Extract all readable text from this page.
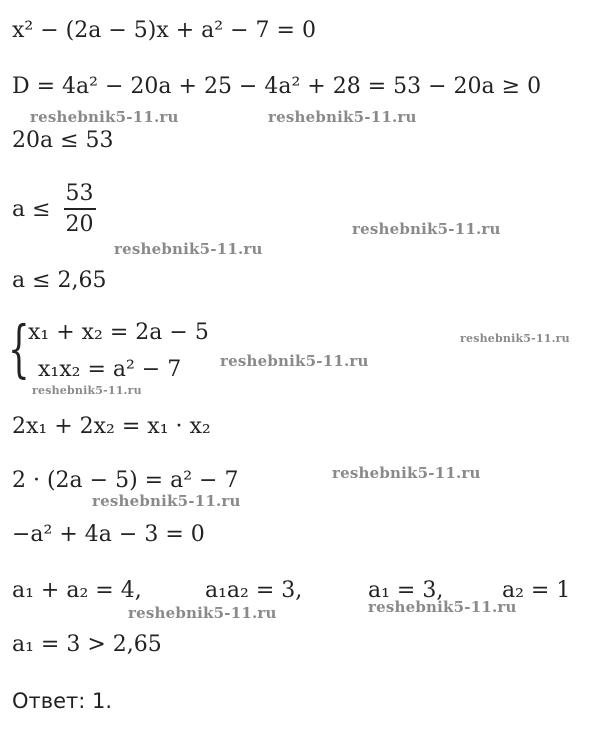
x² − (2a − 5)x + a² − 7 = 0
D = 4a² − 20a + 25 − 4a² + 28 = 53 − 20a ≥ 0
20a ≤ 53
$a \le \frac{53}{20}$
a ≤ 2,65
{
x₁ + x₂ = 2a − 5
x₁x₂ = a² − 7
2x₁ + 2x₂ = x₁ · x₂
2 · (2a − 5) = a² − 7
−a² + 4a − 3 = 0
a₁ + a₂ = 4,	a₁a₂ = 3,	a₁ = 3,	a₂ = 1
a₁ = 3 > 2,65
Ответ: 1.
reshebnik5-11.ru	reshebnik5-11.ru
reshebnik5-11.ru
reshebnik5-11.ru
reshebnik5-11.ru
reshebnik5-11.ru
reshebnik5-11.ru
reshebnik5-11.ru
reshebnik5-11.ru
reshebnik5-11.ru	reshebnik5-11.ru
